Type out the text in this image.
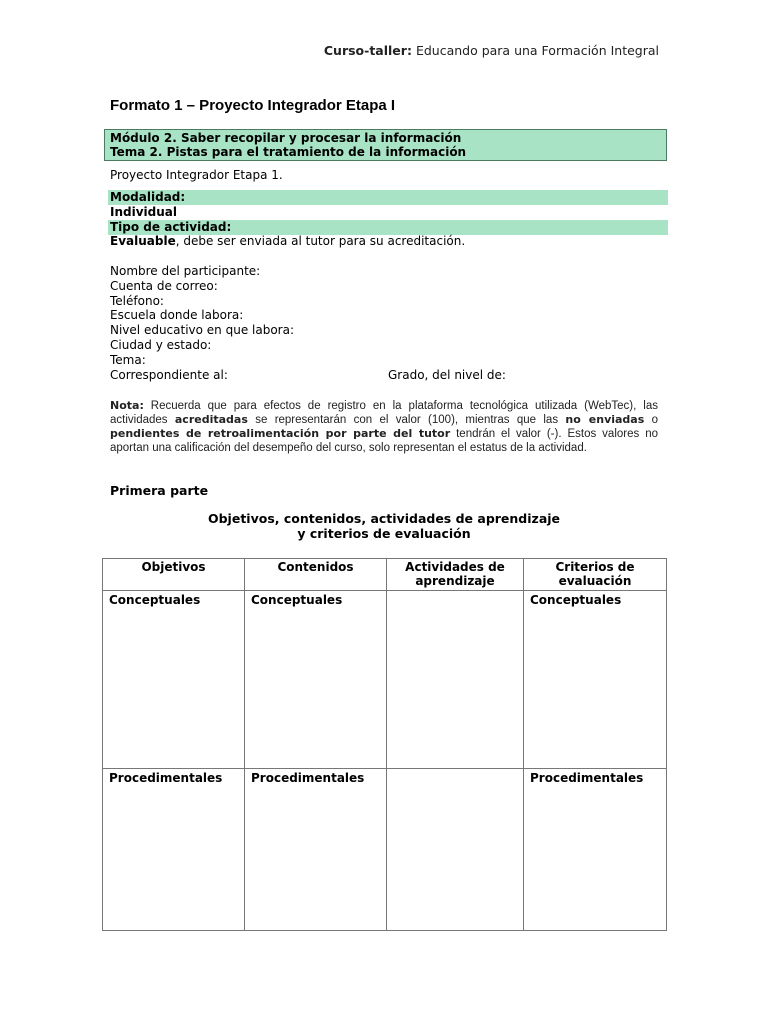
Curso-taller: Educando para una Formación Integral
Formato 1 – Proyecto Integrador Etapa I
Módulo 2. Saber recopilar y procesar la información
Tema 2. Pistas para el tratamiento de la información
Proyecto Integrador Etapa 1.
Modalidad:
Individual
Tipo de actividad:
Evaluable, debe ser enviada al tutor para su acreditación.
Nombre del participante:
Cuenta de correo:
Teléfono:
Escuela donde labora:
Nivel educativo en que labora:
Ciudad y estado:
Tema:
Correspondiente al:	Grado, del nivel de:
Nota: Recuerda que para efectos de registro en la plataforma tecnológica utilizada (WebTec), las actividades acreditadas se representarán con el valor (100), mientras que las no enviadas o pendientes de retroalimentación por parte del tutor tendrán el valor (-). Estos valores no aportan una calificación del desempeño del curso, solo representan el estatus de la actividad.
Primera parte
Objetivos, contenidos, actividades de aprendizaje
y criterios de evaluación
Objetivos	Contenidos	Actividades de aprendizaje	Criterios de evaluación
Conceptuales	Conceptuales		Conceptuales
Procedimentales	Procedimentales		Procedimentales
